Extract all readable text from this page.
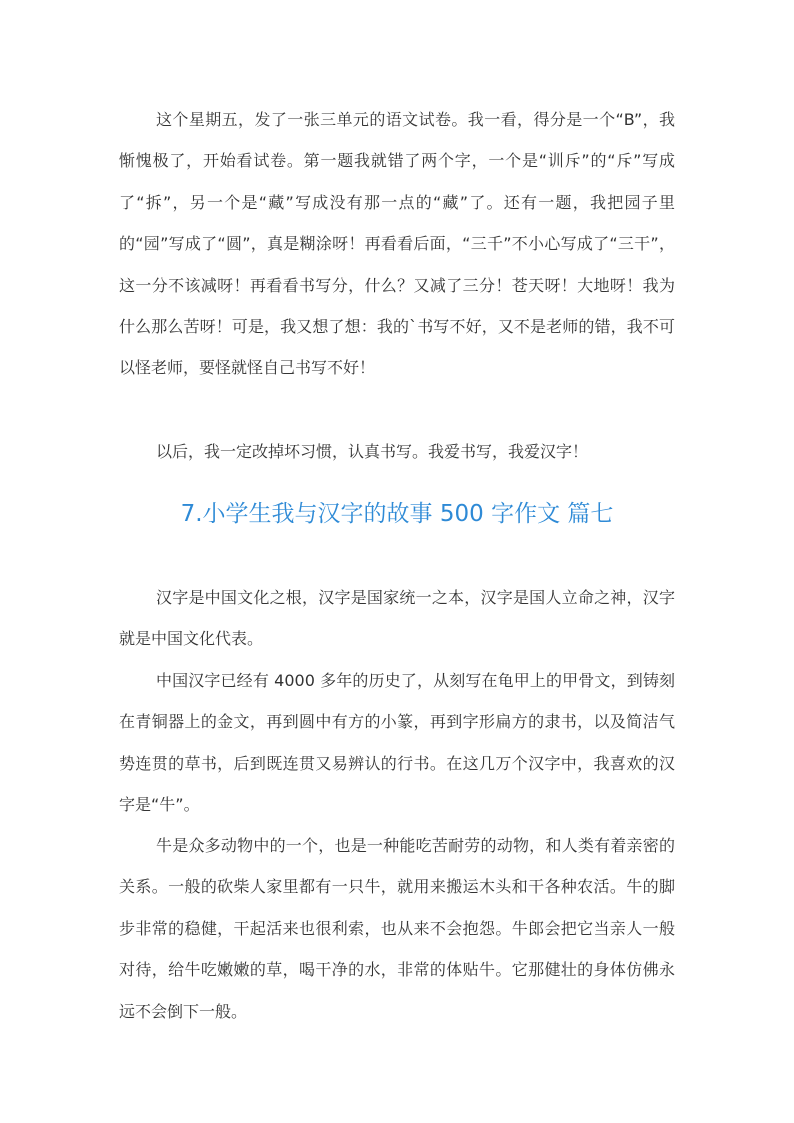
这个星期五，发了一张三单元的语文试卷。我一看，得分是一个“B”，我惭愧极了，开始看试卷。第一题我就错了两个字，一个是“训斥”的“斥”写成了“拆”，另一个是“藏”写成没有那一点的“藏”了。还有一题，我把园子里的“园”写成了“圆”，真是糊涂呀！再看看后面，“三千”不小心写成了“三干”，这一分不该减呀！再看看书写分，什么？又减了三分！苍天呀！大地呀！我为什么那么苦呀！可是，我又想了想：我的`书写不好，又不是老师的错，我不可以怪老师，要怪就怪自己书写不好！

以后，我一定改掉坏习惯，认真书写。我爱书写，我爱汉字！

7.小学生我与汉字的故事 500 字作文 篇七

汉字是中国文化之根，汉字是国家统一之本，汉字是国人立命之神，汉字就是中国文化代表。

中国汉字已经有 4000 多年的历史了，从刻写在龟甲上的甲骨文，到铸刻在青铜器上的金文，再到圆中有方的小篆，再到字形扁方的隶书，以及简洁气势连贯的草书，后到既连贯又易辨认的行书。在这几万个汉字中，我喜欢的汉字是“牛”。

牛是众多动物中的一个，也是一种能吃苦耐劳的动物，和人类有着亲密的关系。一般的砍柴人家里都有一只牛，就用来搬运木头和干各种农活。牛的脚步非常的稳健，干起活来也很利索，也从来不会抱怨。牛郎会把它当亲人一般对待，给牛吃嫩嫩的草，喝干净的水，非常的体贴牛。它那健壮的身体仿佛永远不会倒下一般。
